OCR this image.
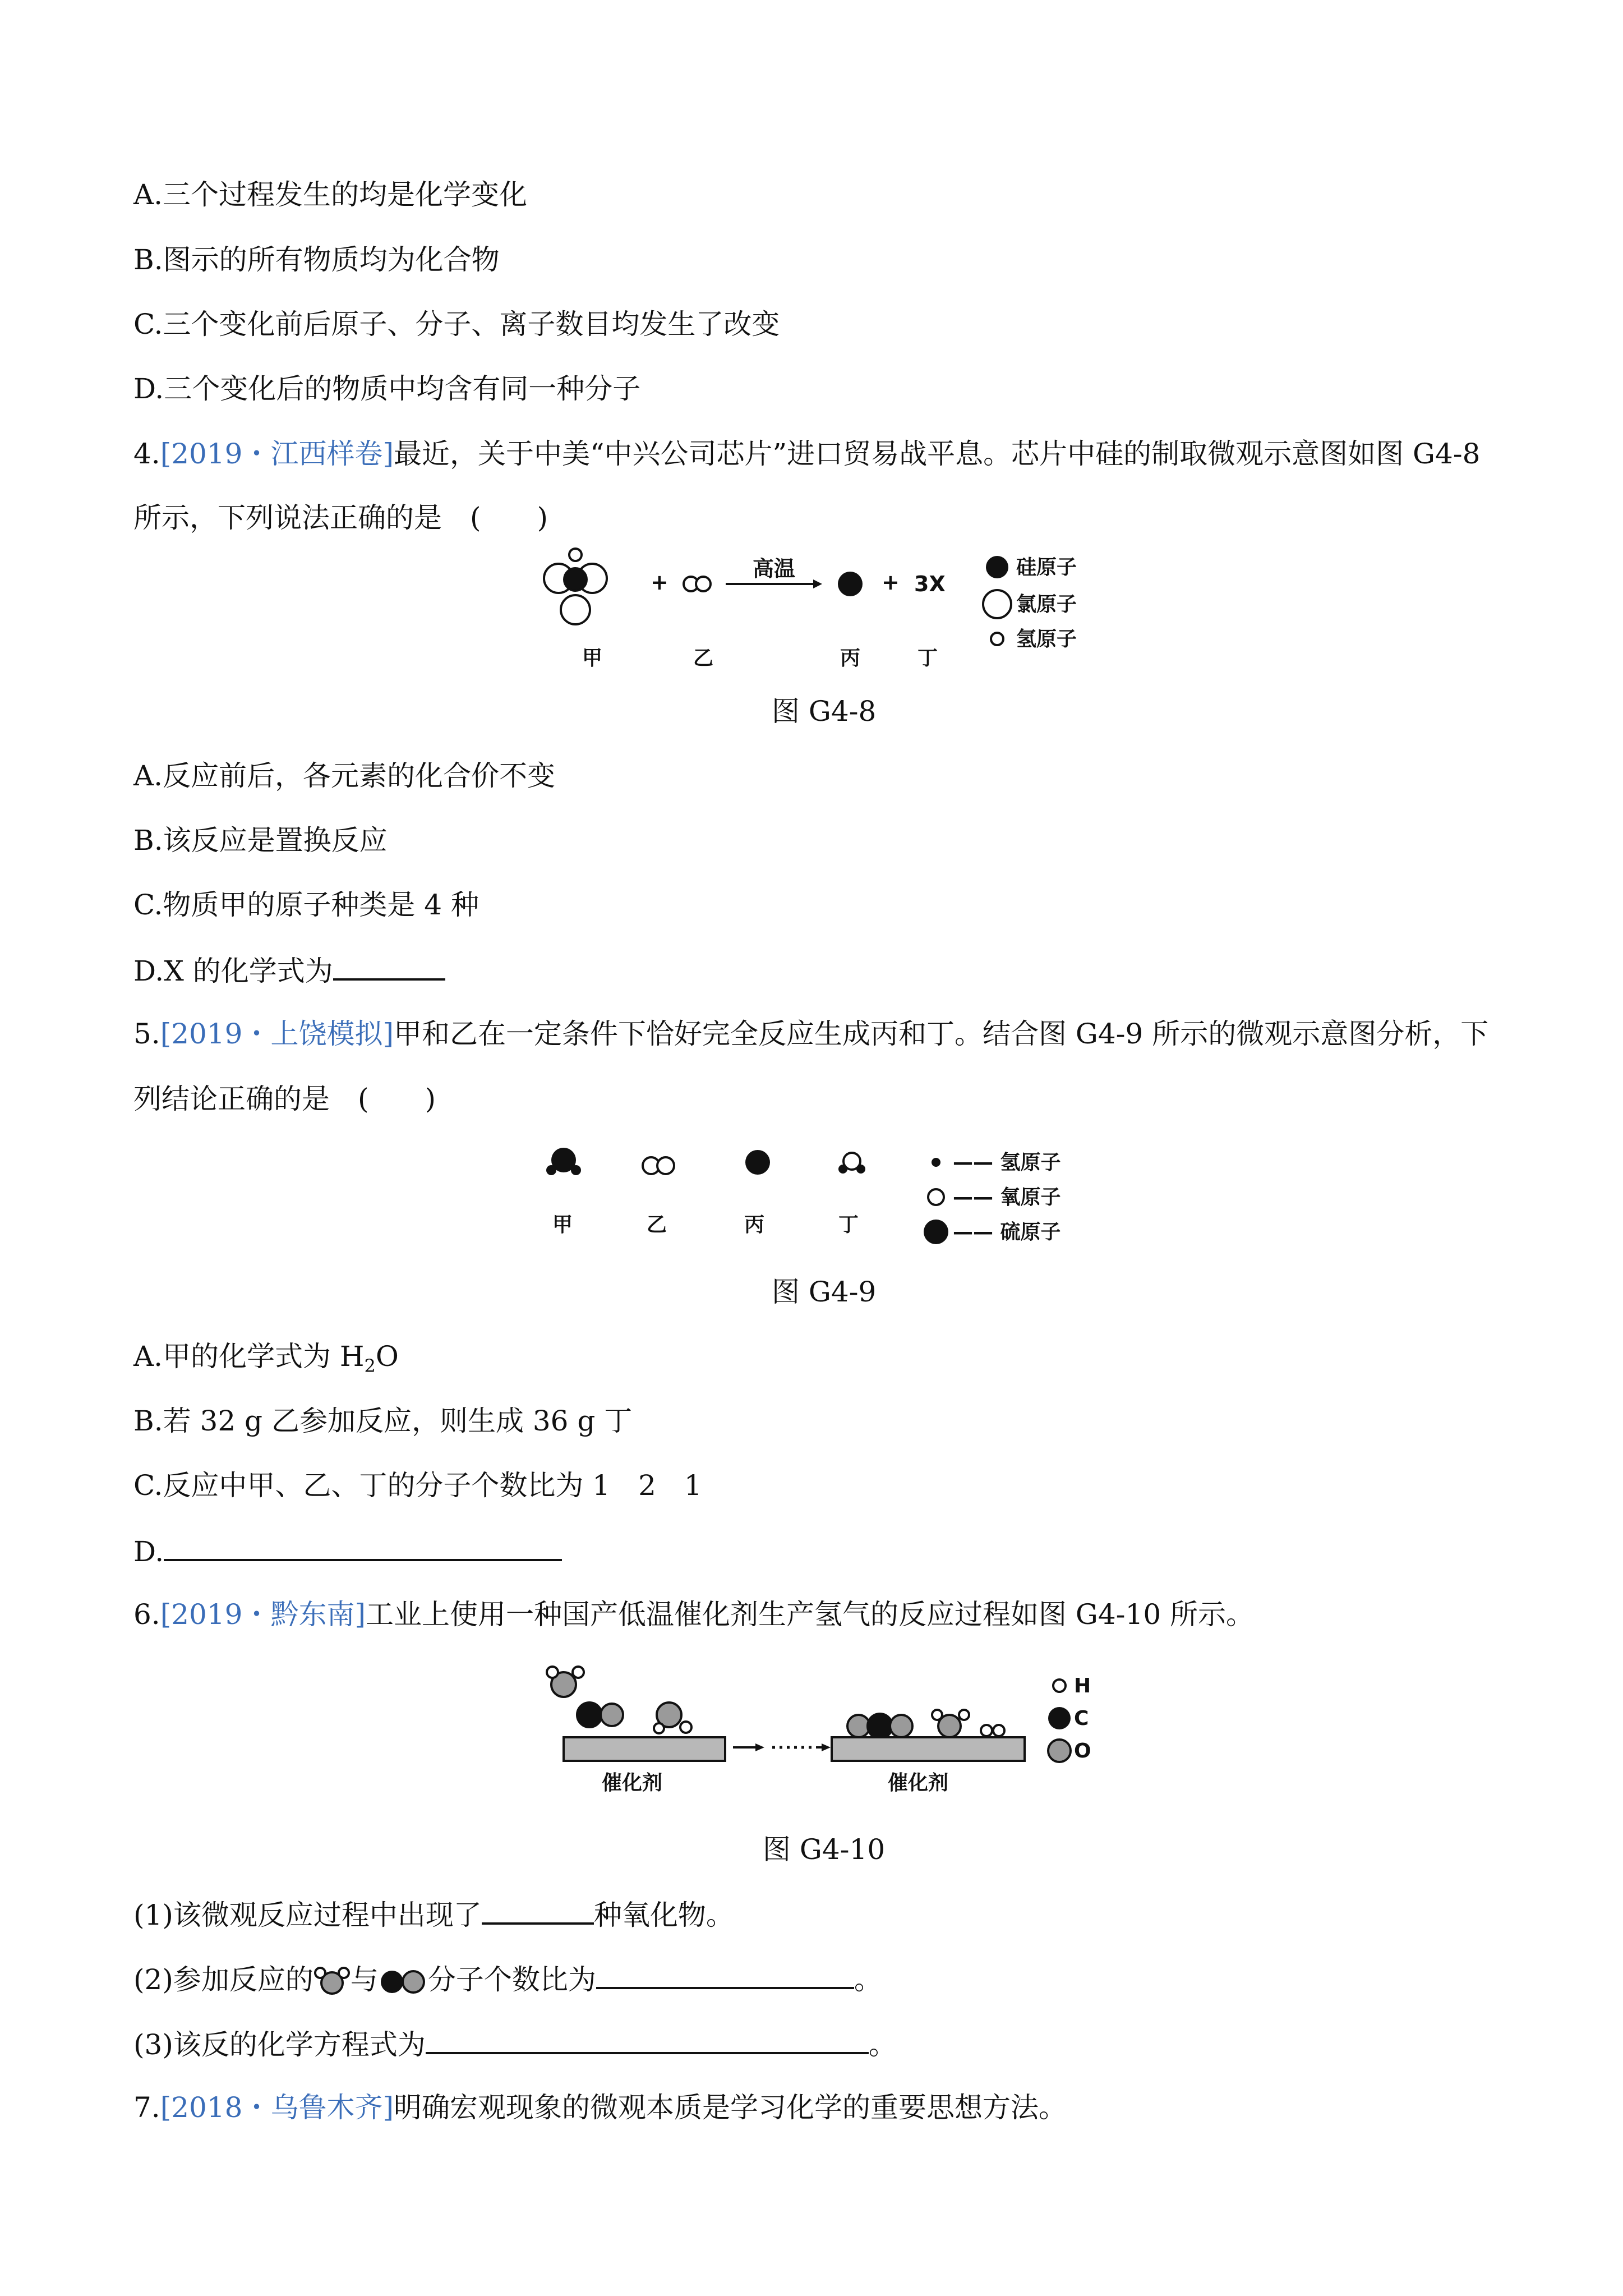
A.三个过程发生的均是化学变化
B.图示的所有物质均为化合物
C.三个变化前后原子、分子、离子数目均发生了改变
D.三个变化后的物质中均含有同一种分子
4.[2019・江西样卷]最近，关于中美“中兴公司芯片”进口贸易战平息。芯片中硅的制取微观示意图如图 G4-8
所示，下列说法正确的是　(　　)
+
高温
+ 3X
甲	乙	丙	丁
硅原子
氯原子
氢原子
图 G4-8
A.反应前后，各元素的化合价不变
B.该反应是置换反应
C.物质甲的原子种类是 4 种
D.X 的化学式为
5.[2019・上饶模拟]甲和乙在一定条件下恰好完全反应生成丙和丁。结合图 G4-9 所示的微观示意图分析，下
列结论正确的是　(　　)
甲	乙	丙	丁
—— 氢原子
—— 氧原子
—— 硫原子
图 G4-9
A.甲的化学式为 $H_2O$
B.若 32 g 乙参加反应，则生成 36 g 丁
C.反应中甲、乙、丁的分子个数比为 1　2　1
D.
6.[2019・黔东南]工业上使用一种国产低温催化剂生产氢气的反应过程如图 G4-10 所示。
催化剂	催化剂
H
C
O
图 G4-10
(1)该微观反应过程中出现了	种氧化物。
(2)参加反应的 与 分子个数比为	。
(3)该反的化学方程式为	。
7.[2018・乌鲁木齐]明确宏观现象的微观本质是学习化学的重要思想方法。
